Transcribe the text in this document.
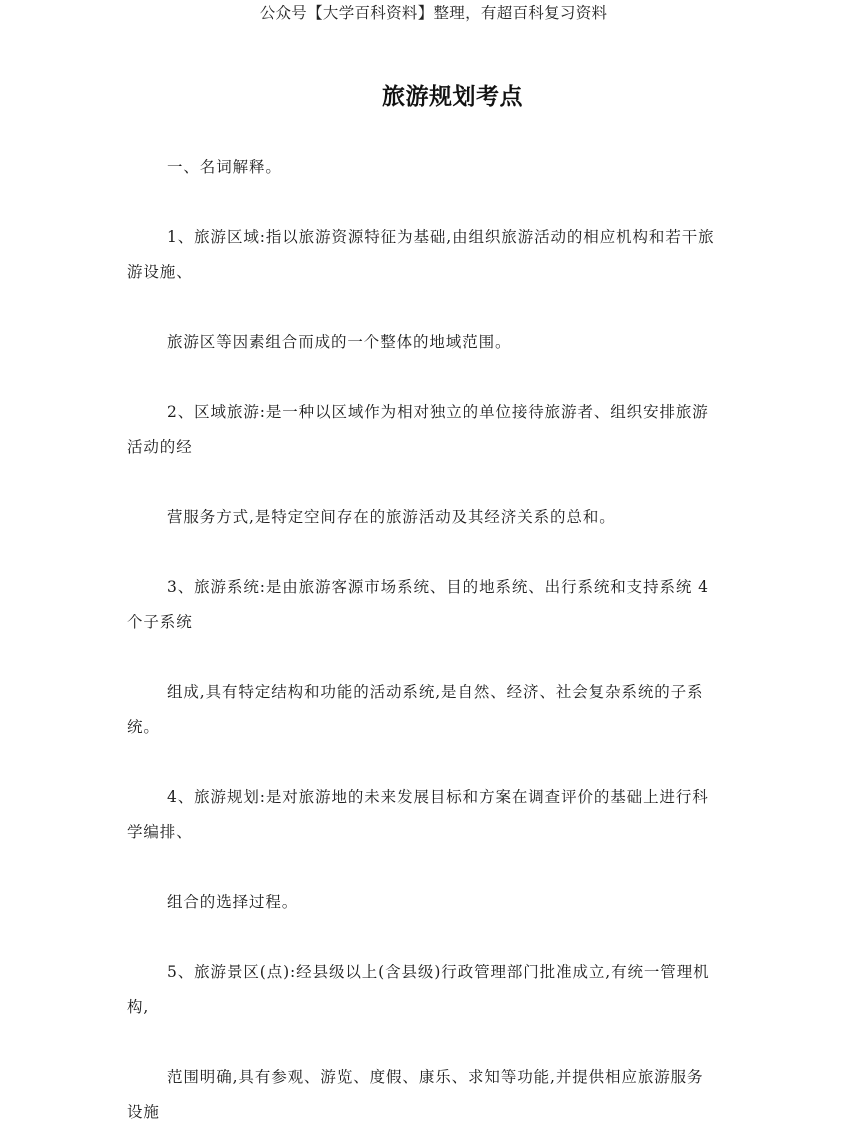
公众号【大学百科资料】整理，有超百科复习资料
旅游规划考点
一、名词解释。
1、旅游区域:指以旅游资源特征为基础,由组织旅游活动的相应机构和若干旅
游设施、
旅游区等因素组合而成的一个整体的地域范围。
2、区域旅游:是一种以区域作为相对独立的单位接待旅游者、组织安排旅游
活动的经
营服务方式,是特定空间存在的旅游活动及其经济关系的总和。
3、旅游系统:是由旅游客源市场系统、目的地系统、出行系统和支持系统 4
个子系统
组成,具有特定结构和功能的活动系统,是自然、经济、社会复杂系统的子系
统。
4、旅游规划:是对旅游地的未来发展目标和方案在调查评价的基础上进行科
学编排、
组合的选择过程。
5、旅游景区(点):经县级以上(含县级)行政管理部门批准成立,有统一管理机
构,
范围明确,具有参观、游览、度假、康乐、求知等功能,并提供相应旅游服务
设施
